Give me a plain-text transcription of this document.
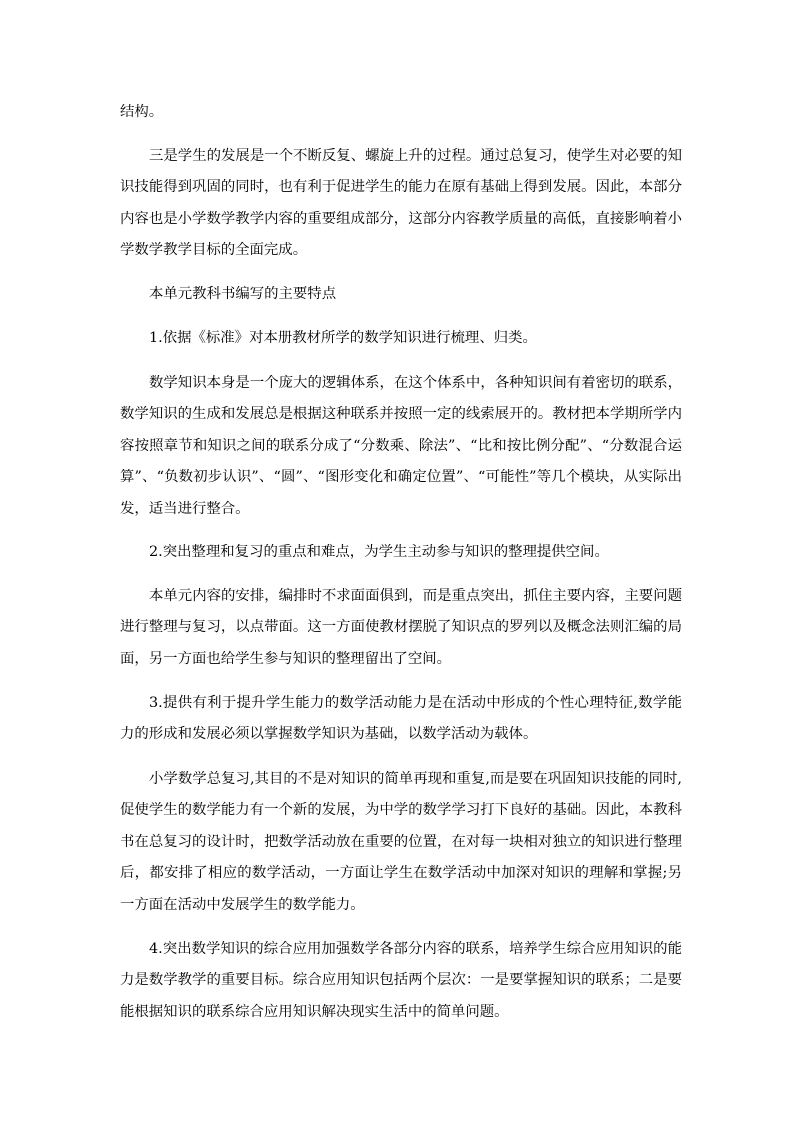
结构。

三是学生的发展是一个不断反复、螺旋上升的过程。通过总复习，使学生对必要的知识技能得到巩固的同时，也有利于促进学生的能力在原有基础上得到发展。因此，本部分内容也是小学数学教学内容的重要组成部分，这部分内容教学质量的高低，直接影响着小学数学教学目标的全面完成。

本单元教科书编写的主要特点

1.依据《标准》对本册教材所学的数学知识进行梳理、归类。

数学知识本身是一个庞大的逻辑体系，在这个体系中，各种知识间有着密切的联系，数学知识的生成和发展总是根据这种联系并按照一定的线索展开的。教材把本学期所学内容按照章节和知识之间的联系分成了“分数乘、除法”、“比和按比例分配”、“分数混合运算”、“负数初步认识”、“圆”、“图形变化和确定位置”、“可能性”等几个模块，从实际出发，适当进行整合。

2.突出整理和复习的重点和难点，为学生主动参与知识的整理提供空间。

本单元内容的安排，编排时不求面面俱到，而是重点突出，抓住主要内容，主要问题进行整理与复习，以点带面。这一方面使教材摆脱了知识点的罗列以及概念法则汇编的局面，另一方面也给学生参与知识的整理留出了空间。

3.提供有利于提升学生能力的数学活动能力是在活动中形成的个性心理特征,数学能力的形成和发展必须以掌握数学知识为基础，以数学活动为载体。

小学数学总复习,其目的不是对知识的简单再现和重复,而是要在巩固知识技能的同时,促使学生的数学能力有一个新的发展，为中学的数学学习打下良好的基础。因此，本教科书在总复习的设计时，把数学活动放在重要的位置，在对每一块相对独立的知识进行整理后，都安排了相应的数学活动，一方面让学生在数学活动中加深对知识的理解和掌握;另一方面在活动中发展学生的数学能力。

4.突出数学知识的综合应用加强数学各部分内容的联系，培养学生综合应用知识的能力是数学教学的重要目标。综合应用知识包括两个层次：一是要掌握知识的联系；二是要能根据知识的联系综合应用知识解决现实生活中的简单问题。
